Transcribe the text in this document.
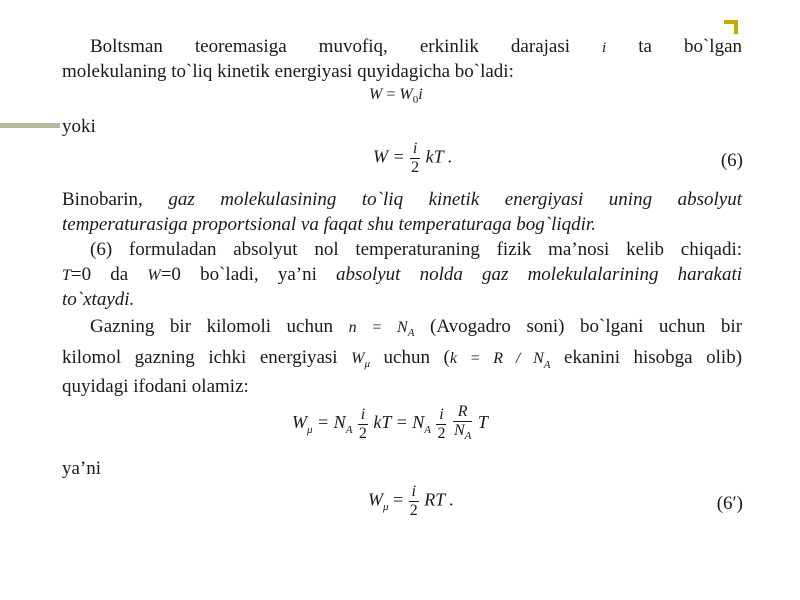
Boltsman teoremasiga muvofiq, erkinlik darajasi i ta bo`lgan
molekulaning to`liq kinetik energiyasi quyidagicha bo`ladi:
$W = W_0i$
yoki
$W = \frac{i}{2}$ kT .	(6)
Binobarin, gaz molekulasining to`liq kinetik energiyasi uning absolyut
temperaturasiga proportsional va faqat shu temperaturaga bog`liqdir.
(6) formuladan absolyut nol temperaturaning fizik ma’nosi kelib chiqadi:
T=0 da W=0 bo`ladi, ya’ni absolyut nolda gaz molekulalarining harakati
to`xtaydi.
Gazning bir kilomoli uchun $n = N_A$ (Avogadro soni) bo`lgani uchun bir
kilomol gazning ichki energiyasi $W_\mu$ uchun ($k = R / N_A$ ekanini hisobga olib)
quyidagi ifodani olamiz:
$W_\mu = N_A \frac{i}{2}$ kT = $N_A \frac{i}{2}$
$\frac{R}{N_A}$ T
ya’ni
$W_\mu = \frac{i}{2}$ RT .	(6′)
